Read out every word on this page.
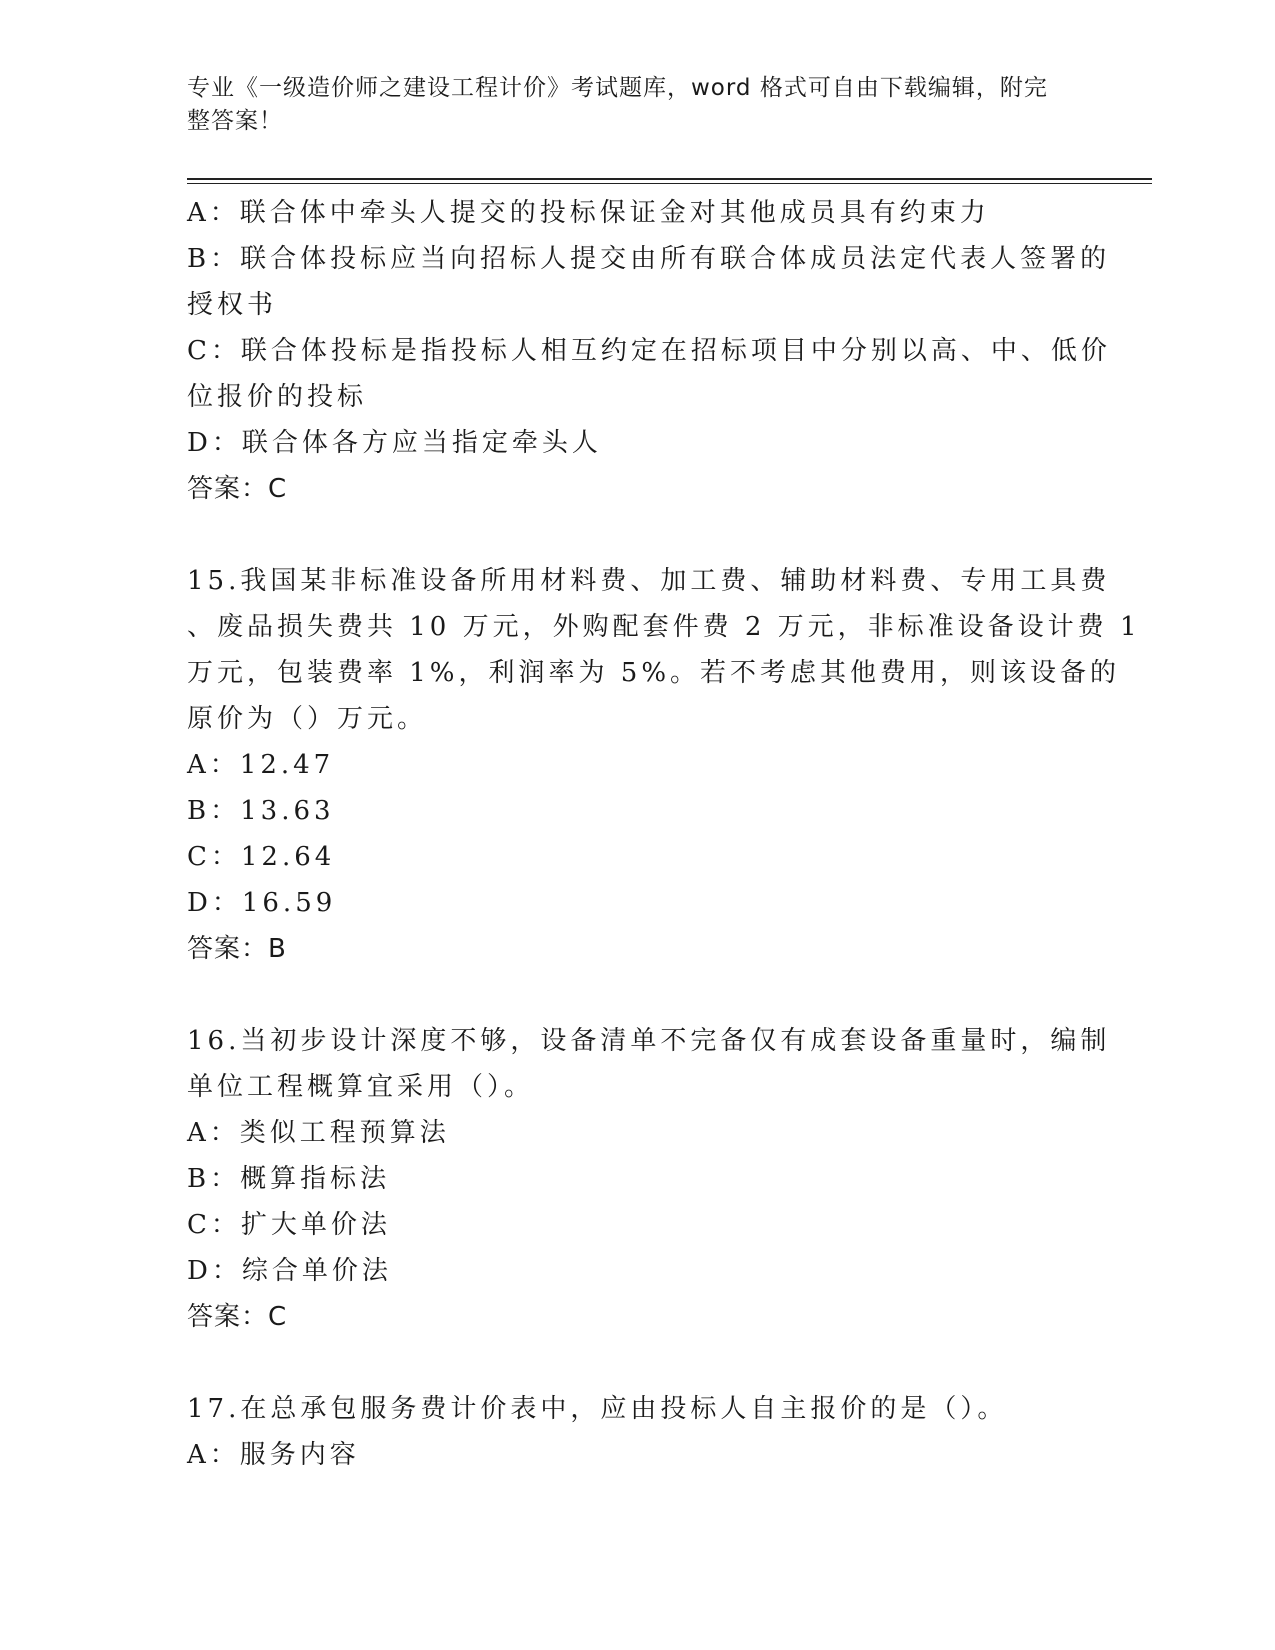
专业《一级造价师之建设工程计价》考试题库，word 格式可自由下载编辑，附完
整答案！
A：联合体中牵头人提交的投标保证金对其他成员具有约束力
B：联合体投标应当向招标人提交由所有联合体成员法定代表人签署的
授权书
C：联合体投标是指投标人相互约定在招标项目中分别以高、中、低价
位报价的投标
D：联合体各方应当指定牵头人
答案：C
15.我国某非标准设备所用材料费、加工费、辅助材料费、专用工具费
、废品损失费共 10 万元，外购配套件费 2 万元，非标准设备设计费 1
万元，包装费率 1%，利润率为 5%。若不考虑其他费用，则该设备的
原价为（）万元。
A：12.47
B：13.63
C：12.64
D：16.59
答案：B
16.当初步设计深度不够，设备清单不完备仅有成套设备重量时，编制
单位工程概算宜采用（）。
A：类似工程预算法
B：概算指标法
C：扩大单价法
D：综合单价法
答案：C
17.在总承包服务费计价表中，应由投标人自主报价的是（）。
A：服务内容
